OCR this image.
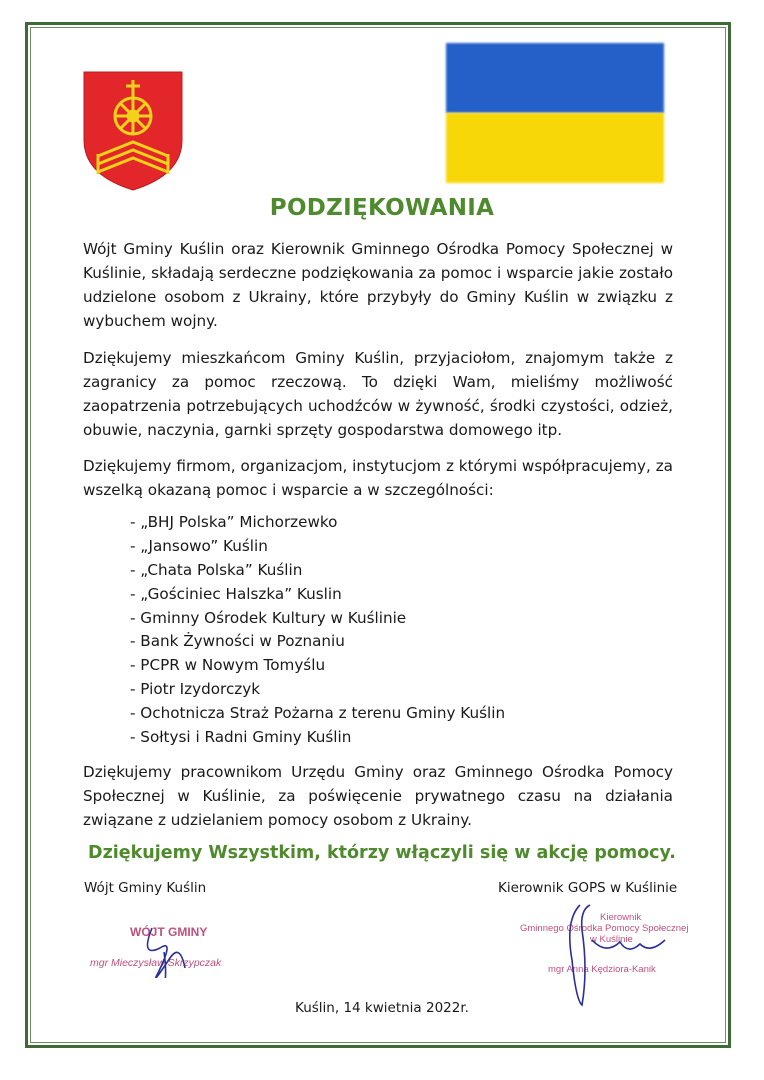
PODZIĘKOWANIA

Wójt Gminy Kuślin oraz Kierownik Gminnego Ośrodka Pomocy Społecznej w Kuślinie, składają serdeczne podziękowania za pomoc i wsparcie jakie zostało udzielone osobom z Ukrainy, które przybyły do Gminy Kuślin w związku z wybuchem wojny.

Dziękujemy mieszkańcom Gminy Kuślin, przyjaciołom, znajomym także z zagranicy za pomoc rzeczową. To dzięki Wam, mieliśmy możliwość zaopatrzenia potrzebujących uchodźców w żywność, środki czystości, odzież, obuwie, naczynia, garnki sprzęty gospodarstwa domowego itp.

Dziękujemy firmom, organizacjom, instytucjom z którymi współpracujemy, za wszelką okazaną pomoc i wsparcie a w szczególności:

- „BHJ Polska” Michorzewko
- „Jansowo” Kuślin
- „Chata Polska” Kuślin
- „Gościniec Halszka” Kuslin
- Gminny Ośrodek Kultury w Kuślinie
- Bank Żywności w Poznaniu
- PCPR w Nowym Tomyślu
- Piotr Izydorczyk
- Ochotnicza Straż Pożarna z terenu Gminy Kuślin
- Sołtysi i Radni Gminy Kuślin

Dziękujemy pracownikom Urzędu Gminy oraz Gminnego Ośrodka Pomocy Społecznej w Kuślinie, za poświęcenie prywatnego czasu na działania związane z udzielaniem pomocy osobom z Ukrainy.

Dziękujemy Wszystkim, którzy włączyli się w akcję pomocy.

Wójt Gminy Kuślin	Kierownik GOPS w Kuślinie
WÓJT GMINY
mgr Mieczysław Skrzypczak
Kierownik
Gminnego Ośrodka Pomocy Społecznej
w Kuślinie
mgr Anna Kędziora-Kanik

Kuślin, 14 kwietnia 2022r.
